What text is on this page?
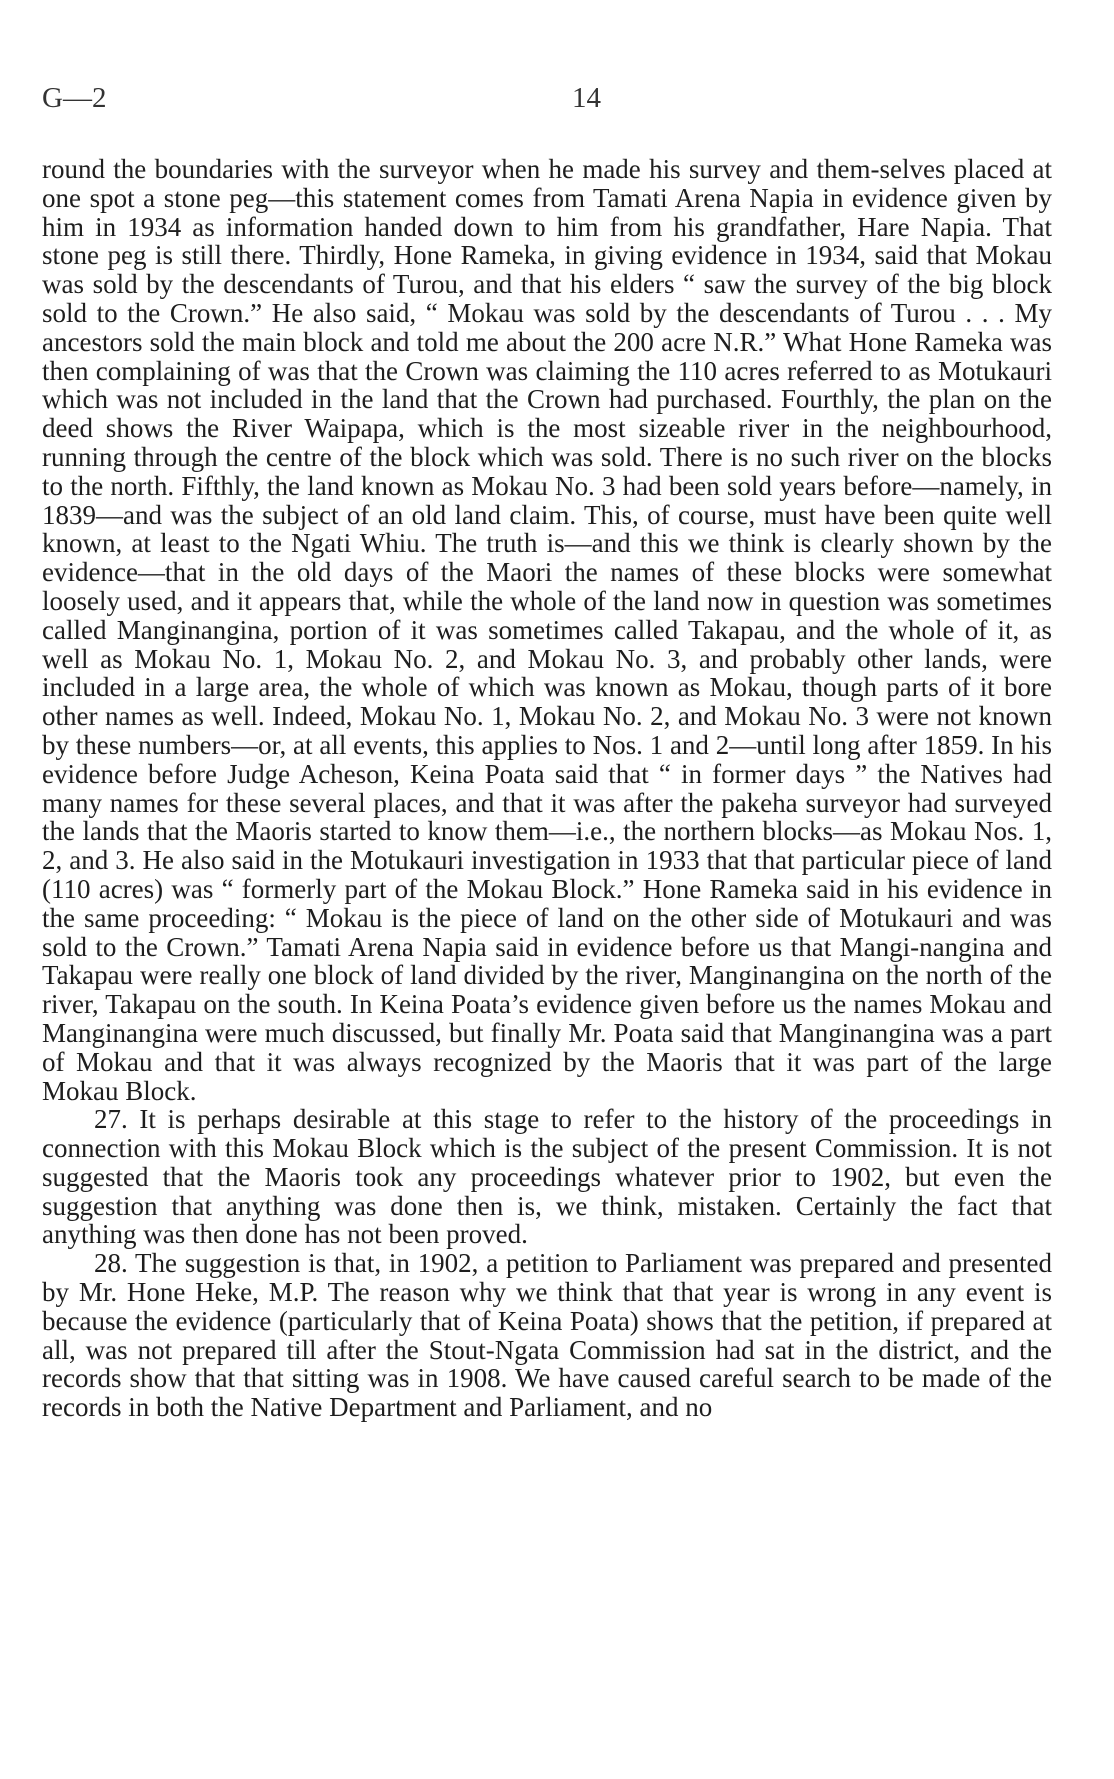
G—2	14

round the boundaries with the surveyor when he made his survey and them-selves placed at one spot a stone peg—this statement comes from Tamati Arena Napia in evidence given by him in 1934 as information handed down to him from his grandfather, Hare Napia. That stone peg is still there. Thirdly, Hone Rameka, in giving evidence in 1934, said that Mokau was sold by the descendants of Turou, and that his elders “ saw the survey of the big block sold to the Crown.” He also said, “ Mokau was sold by the descendants of Turou . . . My ancestors sold the main block and told me about the 200 acre N.R.” What Hone Rameka was then complaining of was that the Crown was claiming the 110 acres referred to as Motukauri which was not included in the land that the Crown had purchased. Fourthly, the plan on the deed shows the River Waipapa, which is the most sizeable river in the neighbourhood, running through the centre of the block which was sold. There is no such river on the blocks to the north. Fifthly, the land known as Mokau No. 3 had been sold years before—namely, in 1839—and was the subject of an old land claim. This, of course, must have been quite well known, at least to the Ngati Whiu. The truth is—and this we think is clearly shown by the evidence—that in the old days of the Maori the names of these blocks were somewhat loosely used, and it appears that, while the whole of the land now in question was sometimes called Manginangina, portion of it was sometimes called Takapau, and the whole of it, as well as Mokau No. 1, Mokau No. 2, and Mokau No. 3, and probably other lands, were included in a large area, the whole of which was known as Mokau, though parts of it bore other names as well. Indeed, Mokau No. 1, Mokau No. 2, and Mokau No. 3 were not known by these numbers—or, at all events, this applies to Nos. 1 and 2—until long after 1859. In his evidence before Judge Acheson, Keina Poata said that “ in former days ” the Natives had many names for these several places, and that it was after the pakeha surveyor had surveyed the lands that the Maoris started to know them—i.e., the northern blocks—as Mokau Nos. 1, 2, and 3. He also said in the Motukauri investigation in 1933 that that particular piece of land (110 acres) was “ formerly part of the Mokau Block.” Hone Rameka said in his evidence in the same proceeding: “ Mokau is the piece of land on the other side of Motukauri and was sold to the Crown.” Tamati Arena Napia said in evidence before us that Mangi-nangina and Takapau were really one block of land divided by the river, Manginangina on the north of the river, Takapau on the south. In Keina Poata’s evidence given before us the names Mokau and Manginangina were much discussed, but finally Mr. Poata said that Manginangina was a part of Mokau and that it was always recognized by the Maoris that it was part of the large Mokau Block.

27. It is perhaps desirable at this stage to refer to the history of the proceedings in connection with this Mokau Block which is the subject of the present Commission. It is not suggested that the Maoris took any proceedings whatever prior to 1902, but even the suggestion that anything was done then is, we think, mistaken. Certainly the fact that anything was then done has not been proved.

28. The suggestion is that, in 1902, a petition to Parliament was prepared and presented by Mr. Hone Heke, M.P. The reason why we think that that year is wrong in any event is because the evidence (particularly that of Keina Poata) shows that the petition, if prepared at all, was not prepared till after the Stout-Ngata Commission had sat in the district, and the records show that that sitting was in 1908. We have caused careful search to be made of the records in both the Native Department and Parliament, and no
